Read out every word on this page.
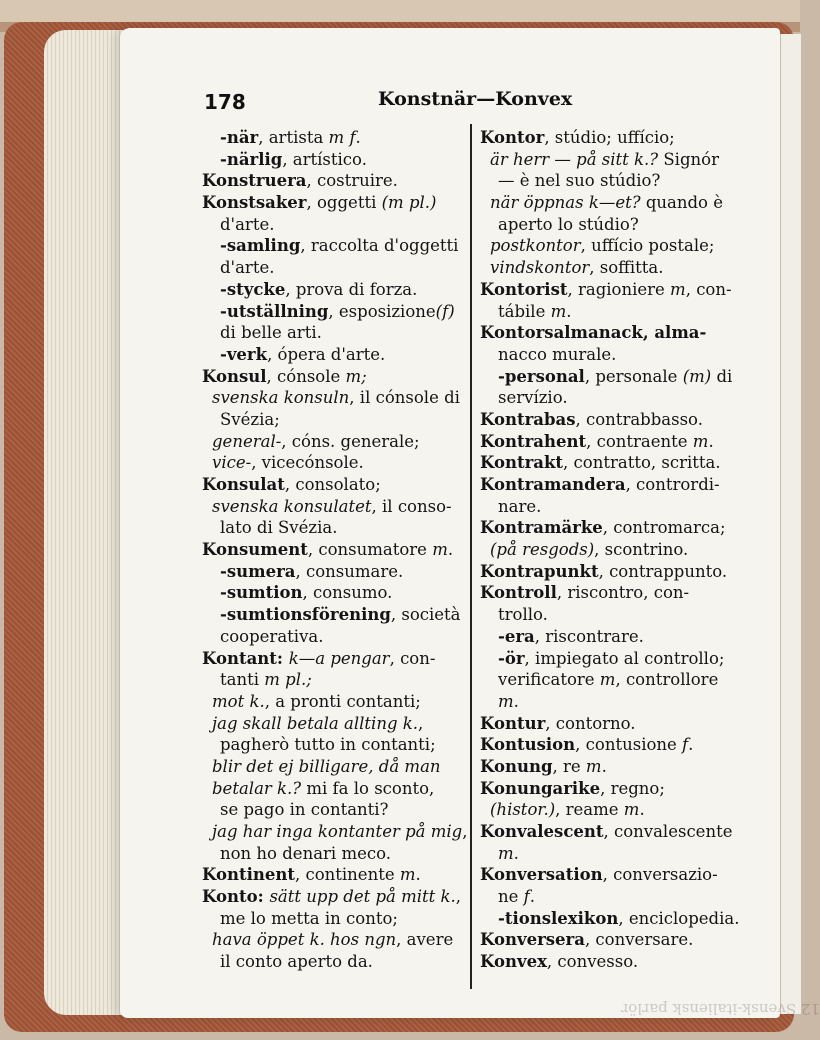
178	Konstnär—Konvex
-när, artista m f.
-närlig, artístico.
Konstruera, costruire.
Konstsaker, oggetti (m pl.)
d'arte.
-samling, raccolta d'oggetti
d'arte.
-stycke, prova di forza.
-utställning, esposizione(f)
di belle arti.
-verk, ópera d'arte.
Konsul, cónsole m;
svenska konsuln, il cónsole di
Svézia;
general-, cóns. generale;
vice-, vicecónsole.
Konsulat, consolato;
svenska konsulatet, il conso-
lato di Svézia.
Konsument, consumatore m.
-sumera, consumare.
-sumtion, consumo.
-sumtionsförening, società
cooperativa.
Kontant: k—a pengar, con-
tanti m pl.;
mot k., a pronti contanti;
jag skall betala allting k.,
pagherò tutto in contanti;
blir det ej billigare, då man
betalar k.? mi fa lo sconto,
se pago in contanti?
jag har inga kontanter på mig,
non ho denari meco.
Kontinent, continente m.
Konto: sätt upp det på mitt k.,
me lo metta in conto;
hava öppet k. hos ngn, avere
il conto aperto da.
Kontor, stúdio; uffício;
är herr — på sitt k.? Signór
— è nel suo stúdio?
när öppnas k—et? quando è
aperto lo stúdio?
postkontor, uffício postale;
vindskontor, soffitta.
Kontorist, ragioniere m, con-
tábile m.
Kontorsalmanack, alma-
nacco murale.
-personal, personale (m) di
servízio.
Kontrabas, contrabbasso.
Kontrahent, contraente m.
Kontrakt, contratto, scritta.
Kontramandera, contrordi-
nare.
Kontramärke, contromarca;
(på resgods), scontrino.
Kontrapunkt, contrappunto.
Kontroll, riscontro, con-
trollo.
-era, riscontrare.
-ör, impiegato al controllo;
verificatore m, controllore
m.
Kontur, contorno.
Kontusion, contusione f.
Konung, re m.
Konungarike, regno;
(histor.), reame m.
Konvalescent, convalescente
m.
Konversation, conversazio-
ne f.
-tionslexikon, enciclopedia.
Konversera, conversare.
Konvex, convesso.
12 Svensk-italiensk parlör
